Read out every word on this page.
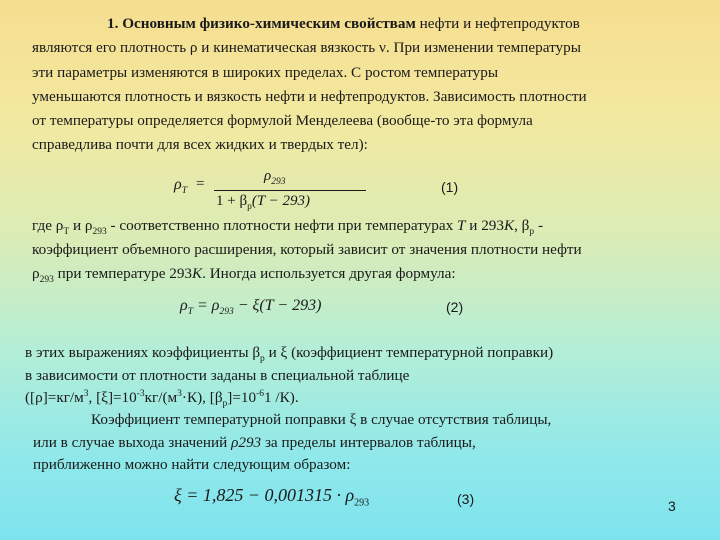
1. Основным физико-химическим свойствам нефти и нефтепродуктов
являются его плотность ρ и кинематическая вязкость ν. При изменении температуры
эти параметры изменяются в широких пределах. С ростом температуры
уменьшаются плотность и вязкость нефти и нефтепродуктов. Зависимость плотности
от температуры определяется формулой Менделеева (вообще-то эта формула
справедлива почти для всех жидких и твердых тел):
$\rho_T$ =	$\rho_{293}$
$1 + \beta_p(T - 293)$
(1)
где $\rho_T$ и $\rho_{293}$ - соответственно плотности нефти при температурах T и 293К, $\beta_р$ -
коэффициент объемного расширения, который зависит от значения плотности нефти
$\rho_{293}$ при температуре 293К. Иногда используется другая формула:
$\rho_T = \rho_{293} - \xi(T - 293)$	(2)
в этих выражениях коэффициенты $\beta_р$ и ξ (коэффициент температурной поправки)
в зависимости от плотности заданы в специальной таблице
($[\rho]=кг/м^3$, $[\xi]=10^{-3}кг/(м^3\cdot К)$, $[\beta_р]=10^{-6}1$ /К).
Коэффициент температурной поправки ξ в случае отсутствия таблицы,
или в случае выхода значений ρ293 за пределы интервалов таблицы,
приближенно можно найти следующим образом:
$\xi = 1,825 - 0,001315 \cdot \rho_{293}$	(3)	3
